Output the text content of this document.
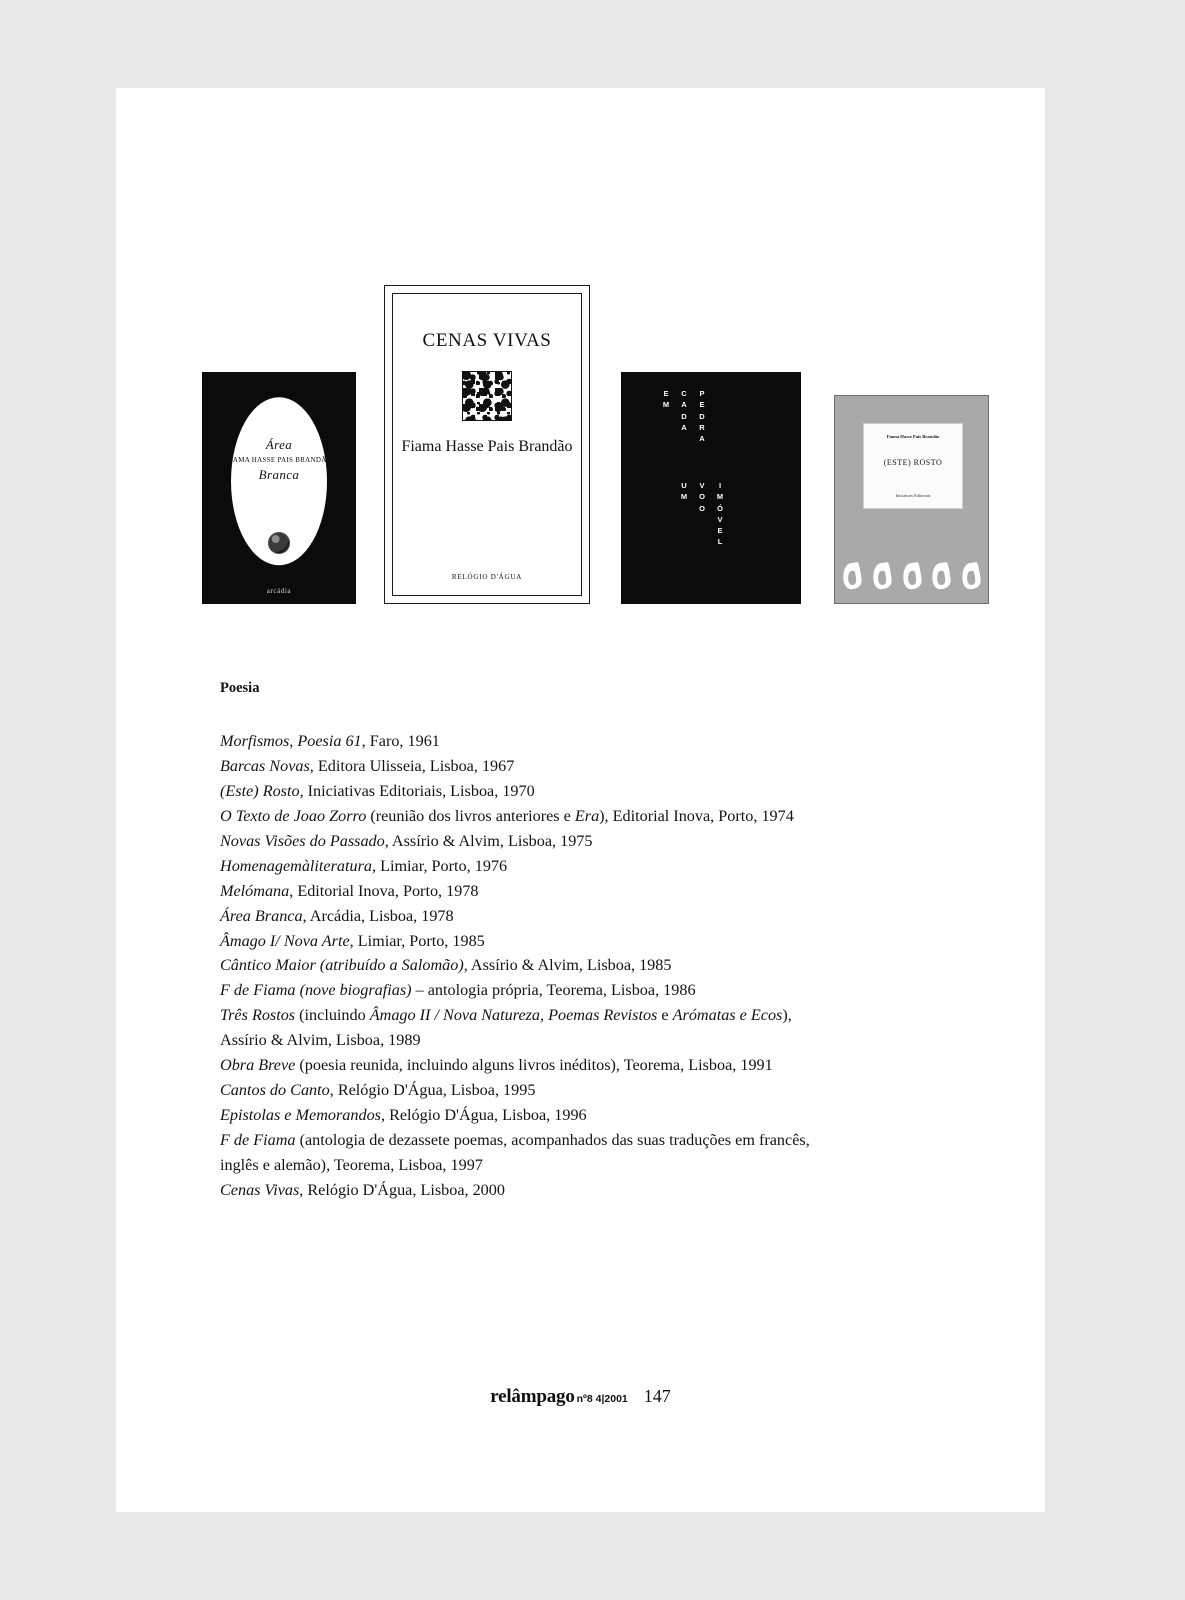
Área
FIAMA HASSE PAIS BRANDÃO
Branca
arcádia
CENAS VIVAS
Fiama Hasse Pais Brandão
RELÓGIO D'ÁGUA
E
M
C
A
D
A
P
E
D
R
A
U
M
V
O
O
I
M
Ó
V
E
L
Fiama Hasse Pais Brandão
(ESTE) ROSTO
Iniciativas Editoriais
Poesia

Morfismos, Poesia 61, Faro, 1961

Barcas Novas, Editora Ulisseia, Lisboa, 1967

(Este) Rosto, Iniciativas Editoriais, Lisboa, 1970

O Texto de Joao Zorro (reunião dos livros anteriores e Era), Editorial Inova, Porto, 1974

Novas Visões do Passado, Assírio & Alvim, Lisboa, 1975

Homenagemàliteratura, Limiar, Porto, 1976

Melómana, Editorial Inova, Porto, 1978

Área Branca, Arcádia, Lisboa, 1978

Âmago I/ Nova Arte, Limiar, Porto, 1985

Cântico Maior (atribuído a Salomão), Assírio & Alvim, Lisboa, 1985

F de Fiama (nove biografias) – antologia própria, Teorema, Lisboa, 1986

Três Rostos (incluindo Âmago II / Nova Natureza, Poemas Revistos e Arómatas e Ecos), Assírio & Alvim, Lisboa, 1989

Obra Breve (poesia reunida, incluindo alguns livros inéditos), Teorema, Lisboa, 1991

Cantos do Canto, Relógio D'Água, Lisboa, 1995

Epistolas e Memorandos, Relógio D'Água, Lisboa, 1996

F de Fiama (antologia de dezassete poemas, acompanhados das suas traduções em francês, inglês e alemão), Teorema, Lisboa, 1997

Cenas Vivas, Relógio D'Água, Lisboa, 2000

relâmpago nº8 4|2001 147
